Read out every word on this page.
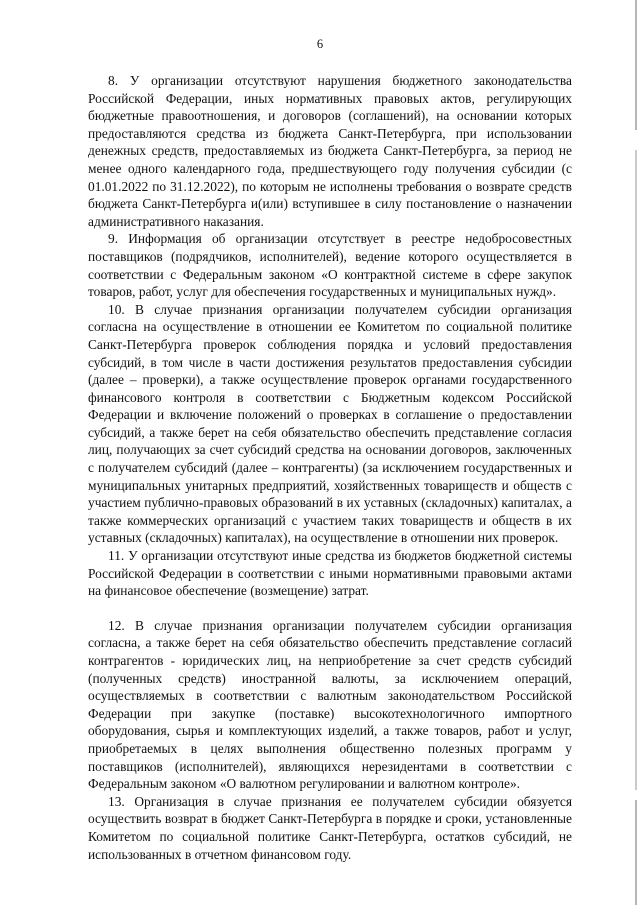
6

8. У организации отсутствуют нарушения бюджетного законодательства Российской Федерации, иных нормативных правовых актов, регулирующих бюджетные правоотношения, и договоров (соглашений), на основании которых предоставляются средства из бюджета Санкт-Петербурга, при использовании денежных средств, предоставляемых из бюджета Санкт-Петербурга, за период не менее одного календарного года, предшествующего году получения субсидии (с 01.01.2022 по 31.12.2022), по которым не исполнены требования о возврате средств бюджета Санкт-Петербурга и(или) вступившее в силу постановление о назначении административного наказания.

9. Информация об организации отсутствует в реестре недобросовестных поставщиков (подрядчиков, исполнителей), ведение которого осуществляется в соответствии с Федеральным законом «О контрактной системе в сфере закупок товаров, работ, услуг для обеспечения государственных и муниципальных нужд».

10. В случае признания организации получателем субсидии организация согласна на осуществление в отношении ее Комитетом по социальной политике Санкт-Петербурга проверок соблюдения порядка и условий предоставления субсидий, в том числе в части достижения результатов предоставления субсидии (далее – проверки), а также осуществление проверок органами государственного финансового контроля в соответствии с Бюджетным кодексом Российской Федерации и включение положений о проверках в соглашение о предоставлении субсидий, а также берет на себя обязательство обеспечить представление согласия лиц, получающих за счет субсидий средства на основании договоров, заключенных с получателем субсидий (далее – контрагенты) (за исключением государственных и муниципальных унитарных предприятий, хозяйственных товариществ и обществ с участием публично-правовых образований в их уставных (складочных) капиталах, а также коммерческих организаций с участием таких товариществ и обществ в их уставных (складочных) капиталах), на осуществление в отношении них проверок.

11. У организации отсутствуют иные средства из бюджетов бюджетной системы Российской Федерации в соответствии с иными нормативными правовыми актами на финансовое обеспечение (возмещение) затрат.

12. В случае признания организации получателем субсидии организация согласна, а также берет на себя обязательство обеспечить представление согласий контрагентов - юридических лиц, на неприобретение за счет средств субсидий (полученных средств) иностранной валюты, за исключением операций, осуществляемых в соответствии с валютным законодательством Российской Федерации при закупке (поставке) высокотехнологичного импортного оборудования, сырья и комплектующих изделий, а также товаров, работ и услуг, приобретаемых в целях выполнения общественно полезных программ у поставщиков (исполнителей), являющихся нерезидентами в соответствии с Федеральным законом «О валютном регулировании и валютном контроле».

13. Организация в случае признания ее получателем субсидии обязуется осуществить возврат в бюджет Санкт-Петербурга в порядке и сроки, установленные Комитетом по социальной политике Санкт-Петербурга, остатков субсидий, не использованных в отчетном финансовом году.
